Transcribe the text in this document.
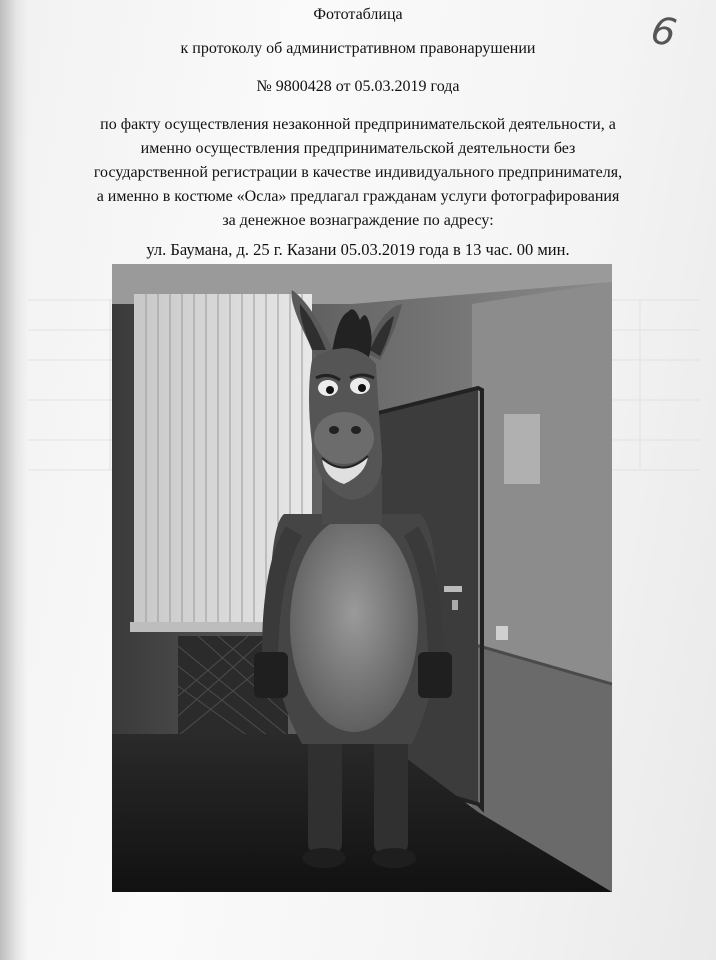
6
Фототаблица
к протоколу об административном правонарушении
№ 9800428 от 05.03.2019 года
по факту осуществления незаконной предпринимательской деятельности, а
именно осуществления предпринимательской деятельности без
государственной регистрации в качестве индивидуального предпринимателя,
а именно в костюме «Осла» предлагал гражданам услуги фотографирования
за денежное вознаграждение по адресу:
ул. Баумана, д. 25 г. Казани 05.03.2019 года в 13 час. 00 мин.
